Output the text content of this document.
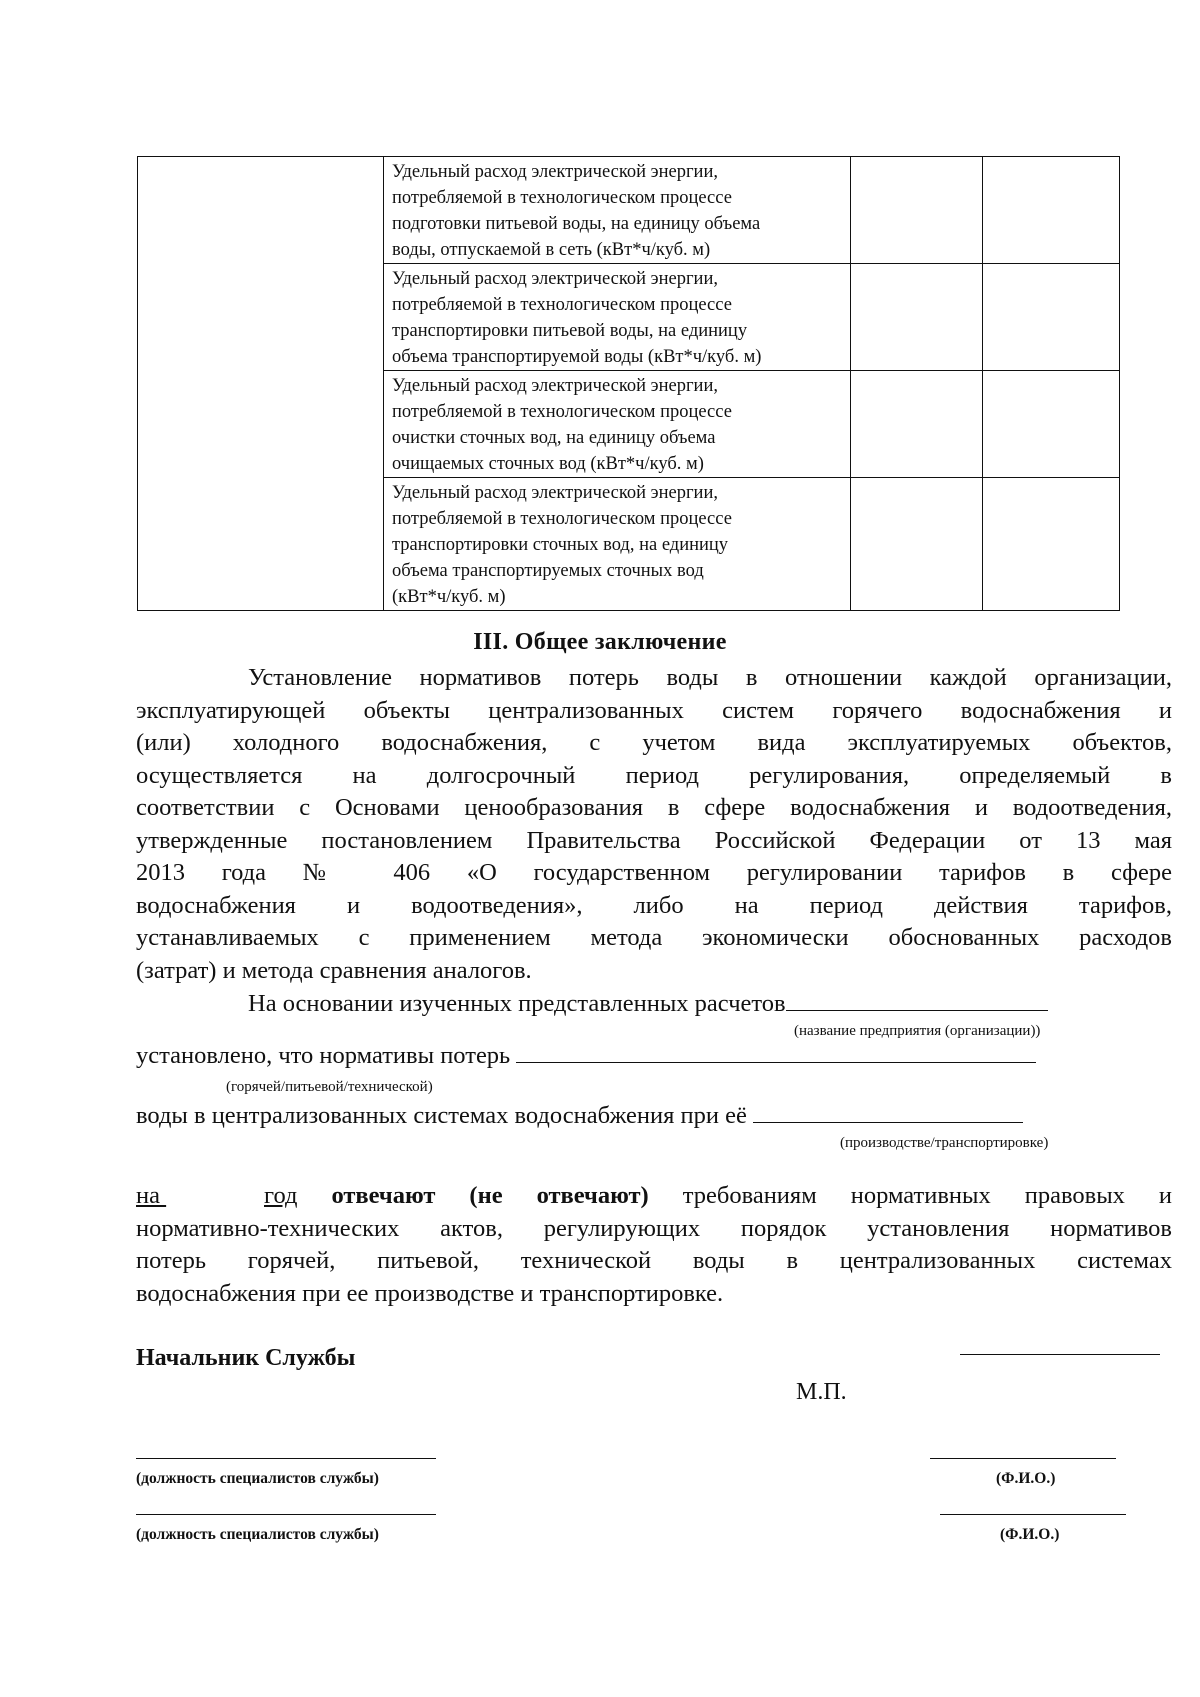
	Удельный расход электрической энергии,
потребляемой в технологическом процессе
подготовки питьевой воды, на единицу объема
воды, отпускаемой в сеть (кВт*ч/куб. м)		

	Удельный расход электрической энергии,
потребляемой в технологическом процессе
транспортировки питьевой воды, на единицу
объема транспортируемой воды (кВт*ч/куб. м)		

	Удельный расход электрической энергии,
потребляемой в технологическом процессе
очистки сточных вод, на единицу объема
очищаемых сточных вод (кВт*ч/куб. м)		

	Удельный расход электрической энергии,
потребляемой в технологическом процессе
транспортировки сточных вод, на единицу
объема транспортируемых сточных вод
(кВт*ч/куб. м)		

III. Общее заключение
Установление нормативов потерь воды в отношении каждой организации,
эксплуатирующей объекты централизованных систем горячего водоснабжения и
(или) холодного водоснабжения, с учетом вида эксплуатируемых объектов,
осуществляется на долгосрочный период регулирования, определяемый в
соответствии с Основами ценообразования в сфере водоснабжения и водоотведения,
утвержденные постановлением Правительства Российской Федерации от 13 мая
2013 года № 406 «О государственном регулировании тарифов в сфере
водоснабжения и водоотведения», либо на период действия тарифов,
устанавливаемых с применением метода экономически обоснованных расходов
(затрат) и метода сравнения аналогов.
На основании изученных представленных расчетов
(название предприятия (организации))
установлено, что нормативы потерь
(горячей/питьевой/технической)
воды в централизованных системах водоснабжения при её
(производстве/транспортировке)
на	год отвечают (не отвечают) требованиям нормативных правовых и
нормативно-технических актов, регулирующих порядок установления нормативов
потерь горячей, питьевой, технической воды в централизованных системах
водоснабжения при ее производстве и транспортировке.
Начальник Службы
М.П.
(должность специалистов службы)	(Ф.И.О.)
(должность специалистов службы)	(Ф.И.О.)
